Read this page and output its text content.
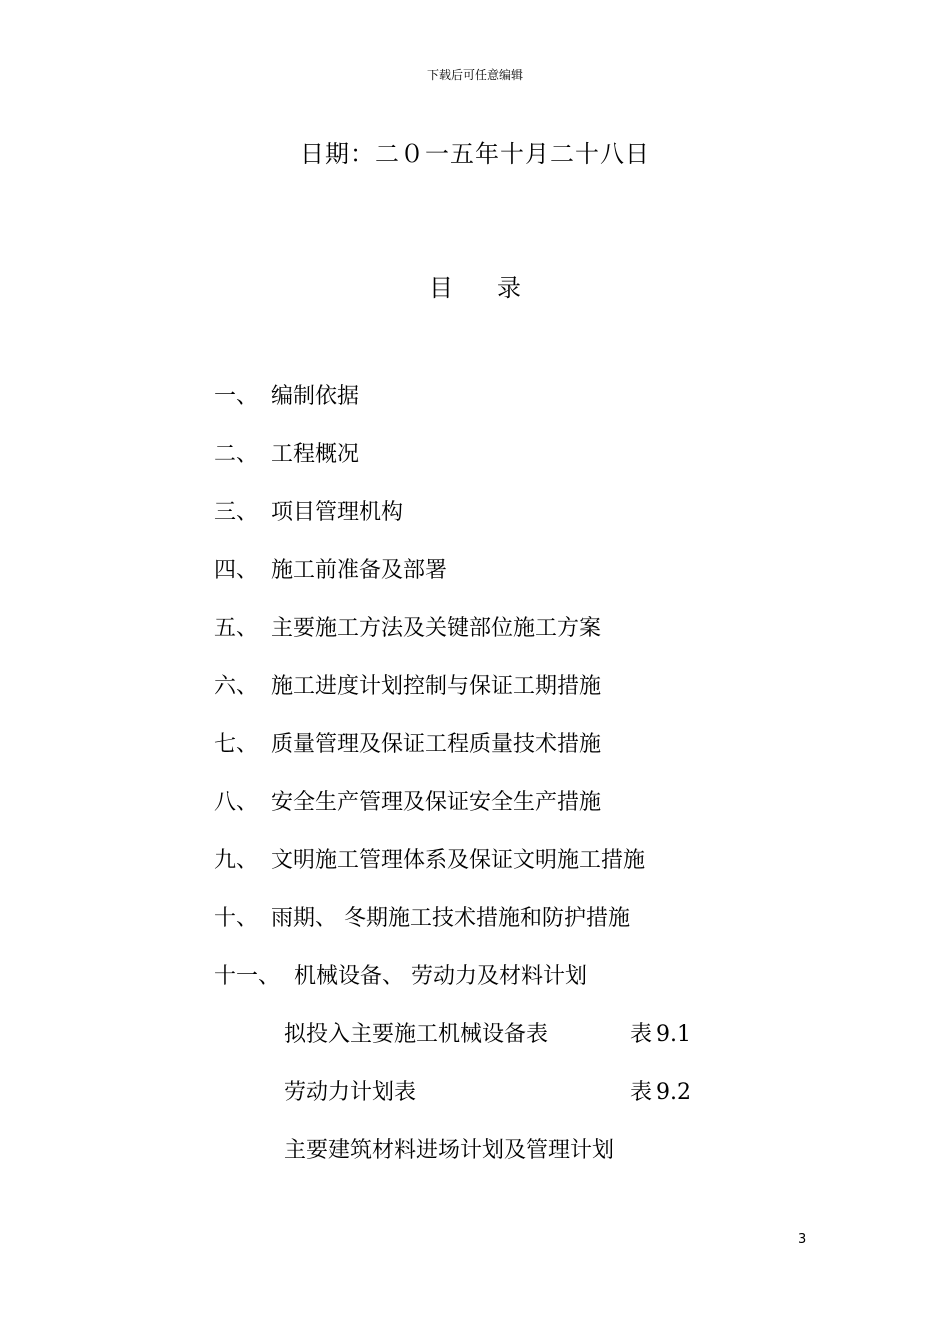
下载后可任意编辑
日期：二０一五年十月二十八日
目 录
一、 编制依据
二、 工程概况
三、 项目管理机构
四、 施工前准备及部署
五、 主要施工方法及关键部位施工方案
六、 施工进度计划控制与保证工期措施
七、 质量管理及保证工程质量技术措施
八、 安全生产管理及保证安全生产措施
九、 文明施工管理体系及保证文明施工措施
十、 雨期、 冬期施工技术措施和防护措施
十一、 机械设备、 劳动力及材料计划
拟投入主要施工机械设备表	表 9.1
劳动力计划表	表 9.2
主要建筑材料进场计划及管理计划
3
